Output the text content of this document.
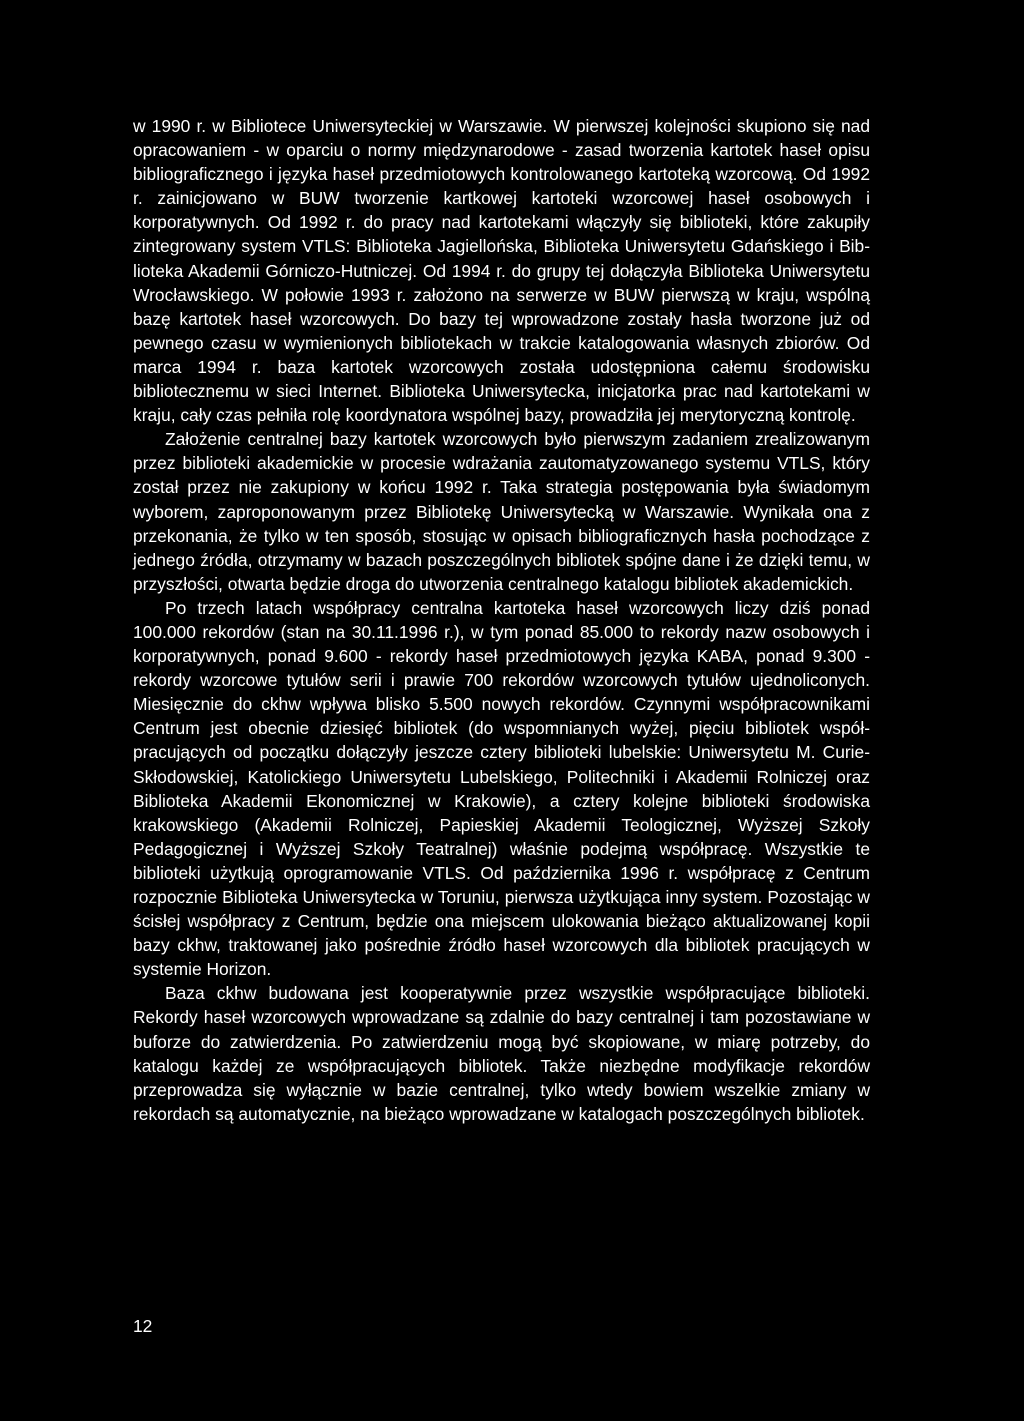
w 1990 r. w Bibliotece Uniwersyteckiej w Warszawie. W pierwszej kolejności skupiono się nad opracowaniem - w oparciu o normy międzynarodowe - zasad tworzenia kartotek haseł opisu bibliograficznego i języka haseł przedmiotowych kontrolowanego kartoteką wzorcową. Od 1992 r. zainicjowano w BUW tworzenie kartkowej kartoteki wzorcowej haseł osobowych i korporatywnych. Od 1992 r. do pracy nad kartotekami włączyły się biblioteki, które zakupiły zintegrowany system VTLS: Biblioteka Jagiellońska, Biblioteka Uniwersytetu Gdańskiego i Biblioteka Akademii Górniczo-Hutniczej. Od 1994 r. do grupy tej dołączyła Biblioteka Uniwersytetu Wrocławskiego. W połowie 1993 r. założono na serwerze w BUW pierwszą w kraju, wspólną bazę kartotek haseł wzorcowych. Do bazy tej wprowadzone zostały hasła tworzone już od pewnego czasu w wymienionych bibliotekach w trakcie katalogowania własnych zbiorów. Od marca 1994 r. baza kartotek wzorcowych została udostępniona całemu środowisku bibliotecznemu w sieci Internet. Biblioteka Uniwersytecka, inicjatorka prac nad kartotekami w kraju, cały czas pełniła rolę koordynatora wspólnej bazy, prowadziła jej merytoryczną kontrolę.

Założenie centralnej bazy kartotek wzorcowych było pierwszym zadaniem zrealizowanym przez biblioteki akademickie w procesie wdrażania zautomatyzowanego systemu VTLS, który został przez nie zakupiony w końcu 1992 r. Taka strategia postępowania była świadomym wyborem, zaproponowanym przez Bibliotekę Uniwersytecką w Warszawie. Wynikała ona z przekonania, że tylko w ten sposób, stosując w opisach bibliograficznych hasła pochodzące z jednego źródła, otrzymamy w bazach poszczególnych bibliotek spójne dane i że dzięki temu, w przyszłości, otwarta będzie droga do utworzenia centralnego katalogu bibliotek akademickich.

Po trzech latach współpracy centralna kartoteka haseł wzorcowych liczy dziś ponad 100.000 rekordów (stan na 30.11.1996 r.), w tym ponad 85.000 to rekordy nazw osobowych i korporatywnych, ponad 9.600 - rekordy haseł przedmiotowych języka KABA, ponad 9.300 - rekordy wzorcowe tytułów serii i prawie 700 rekordów wzorcowych tytułów ujednoliconych. Miesięcznie do ckhw wpływa blisko 5.500 nowych rekordów. Czynnymi współpracownikami Centrum jest obecnie dziesięć bibliotek (do wspomnianych wyżej, pięciu bibliotek współpracujących od początku dołączyły jeszcze cztery biblioteki lubelskie: Uniwersytetu M. Curie-Skłodowskiej, Katolickiego Uniwersytetu Lubelskiego, Politechniki i Akademii Rolniczej oraz Biblioteka Akademii Ekonomicznej w Krakowie), a cztery kolejne biblioteki środowiska krakowskiego (Akademii Rolniczej, Papieskiej Akademii Teologicznej, Wyższej Szkoły Pedagogicznej i Wyższej Szkoły Teatralnej) właśnie podejmą współpracę. Wszystkie te biblioteki użytkują oprogramowanie VTLS. Od października 1996 r. współpracę z Centrum rozpocznie Biblioteka Uniwersytecka w Toruniu, pierwsza użytkująca inny system. Pozostając w ścisłej współpracy z Centrum, będzie ona miejscem ulokowania bieżąco aktualizowanej kopii bazy ckhw, traktowanej jako pośrednie źródło haseł wzorcowych dla bibliotek pracujących w systemie Horizon.

Baza ckhw budowana jest kooperatywnie przez wszystkie współpracujące biblioteki. Rekordy haseł wzorcowych wprowadzane są zdalnie do bazy centralnej i tam pozostawiane w buforze do zatwierdzenia. Po zatwierdzeniu mogą być skopiowane, w miarę potrzeby, do katalogu każdej ze współpracujących bibliotek. Także niezbędne modyfikacje rekordów przeprowadza się wyłącznie w bazie centralnej, tylko wtedy bowiem wszelkie zmiany w rekordach są automatycznie, na bieżąco wprowadzane w katalogach poszczególnych bibliotek.

12
